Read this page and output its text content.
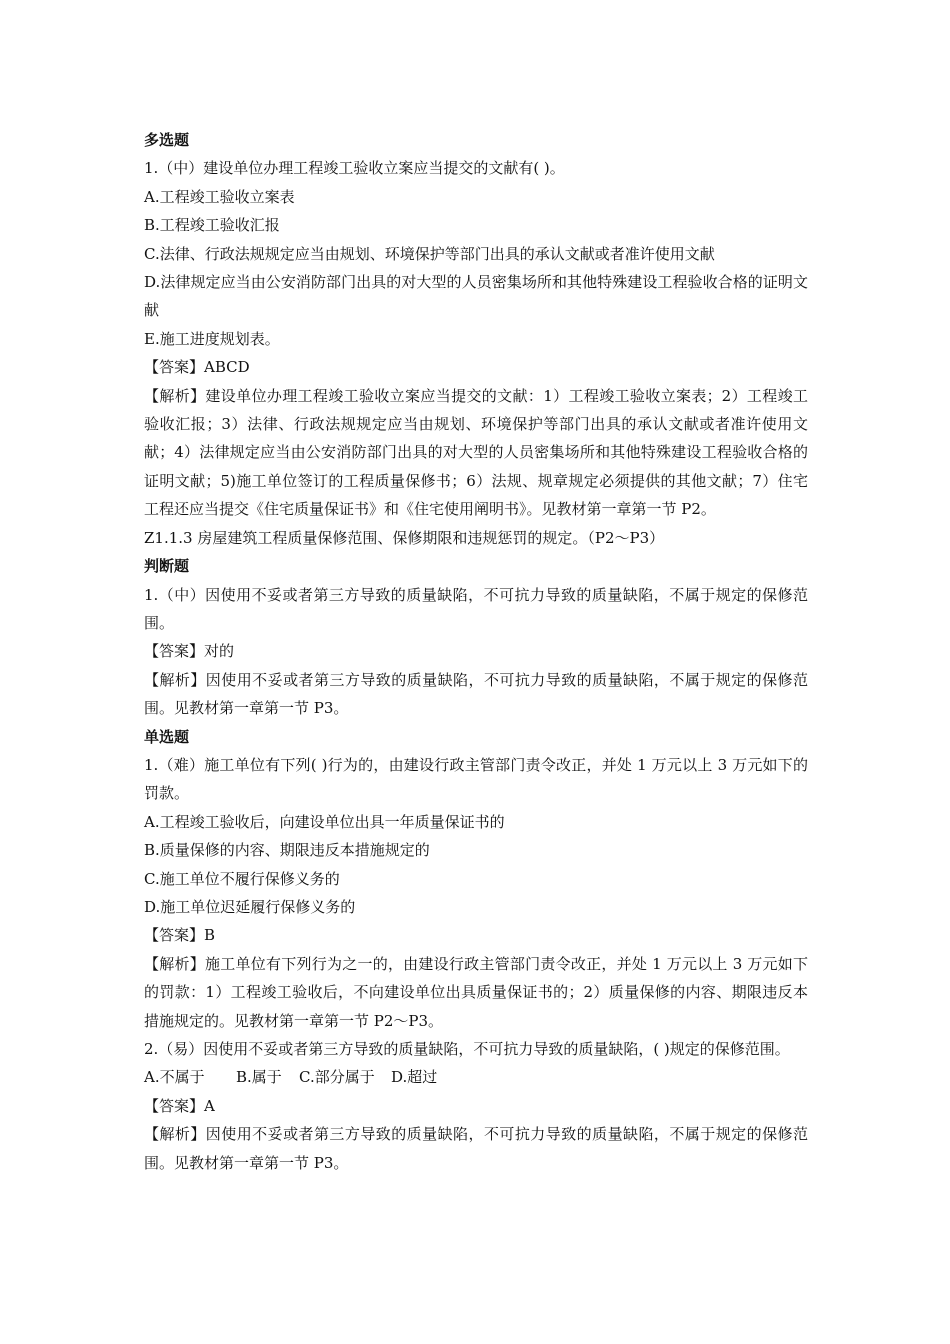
多选题
1.（中）建设单位办理工程竣工验收立案应当提交的文献有( )。
A.工程竣工验收立案表
B.工程竣工验收汇报
C.法律、行政法规规定应当由规划、环境保护等部门出具的承认文献或者准许使用文献
D.法律规定应当由公安消防部门出具的对大型的人员密集场所和其他特殊建设工程验收合格的证明文献
E.施工进度规划表。
【答案】ABCD
【解析】建设单位办理工程竣工验收立案应当提交的文献：1）工程竣工验收立案表；2）工程竣工验收汇报；3）法律、行政法规规定应当由规划、环境保护等部门出具的承认文献或者准许使用文献；4）法律规定应当由公安消防部门出具的对大型的人员密集场所和其他特殊建设工程验收合格的证明文献；5)施工单位签订的工程质量保修书；6）法规、规章规定必须提供的其他文献；7）住宅工程还应当提交《住宅质量保证书》和《住宅使用阐明书》。见教材第一章第一节 P2。
Z1.1.3 房屋建筑工程质量保修范围、保修期限和违规惩罚的规定。（P2～P3）
判断题
1.（中）因使用不妥或者第三方导致的质量缺陷，不可抗力导致的质量缺陷，不属于规定的保修范围。
【答案】对的
【解析】因使用不妥或者第三方导致的质量缺陷，不可抗力导致的质量缺陷，不属于规定的保修范围。见教材第一章第一节 P3。
单选题
1.（难）施工单位有下列( )行为的，由建设行政主管部门责令改正，并处 1 万元以上 3 万元如下的罚款。
A.工程竣工验收后，向建设单位出具一年质量保证书的
B.质量保修的内容、期限违反本措施规定的
C.施工单位不履行保修义务的
D.施工单位迟延履行保修义务的
【答案】B
【解析】施工单位有下列行为之一的，由建设行政主管部门责令改正，并处 1 万元以上 3 万元如下的罚款：1）工程竣工验收后，不向建设单位出具质量保证书的；2）质量保修的内容、期限违反本措施规定的。见教材第一章第一节 P2～P3。
2.（易）因使用不妥或者第三方导致的质量缺陷，不可抗力导致的质量缺陷，( )规定的保修范围。
A.不属于 B.属于 C.部分属于 D.超过
【答案】A
【解析】因使用不妥或者第三方导致的质量缺陷，不可抗力导致的质量缺陷，不属于规定的保修范围。见教材第一章第一节 P3。
